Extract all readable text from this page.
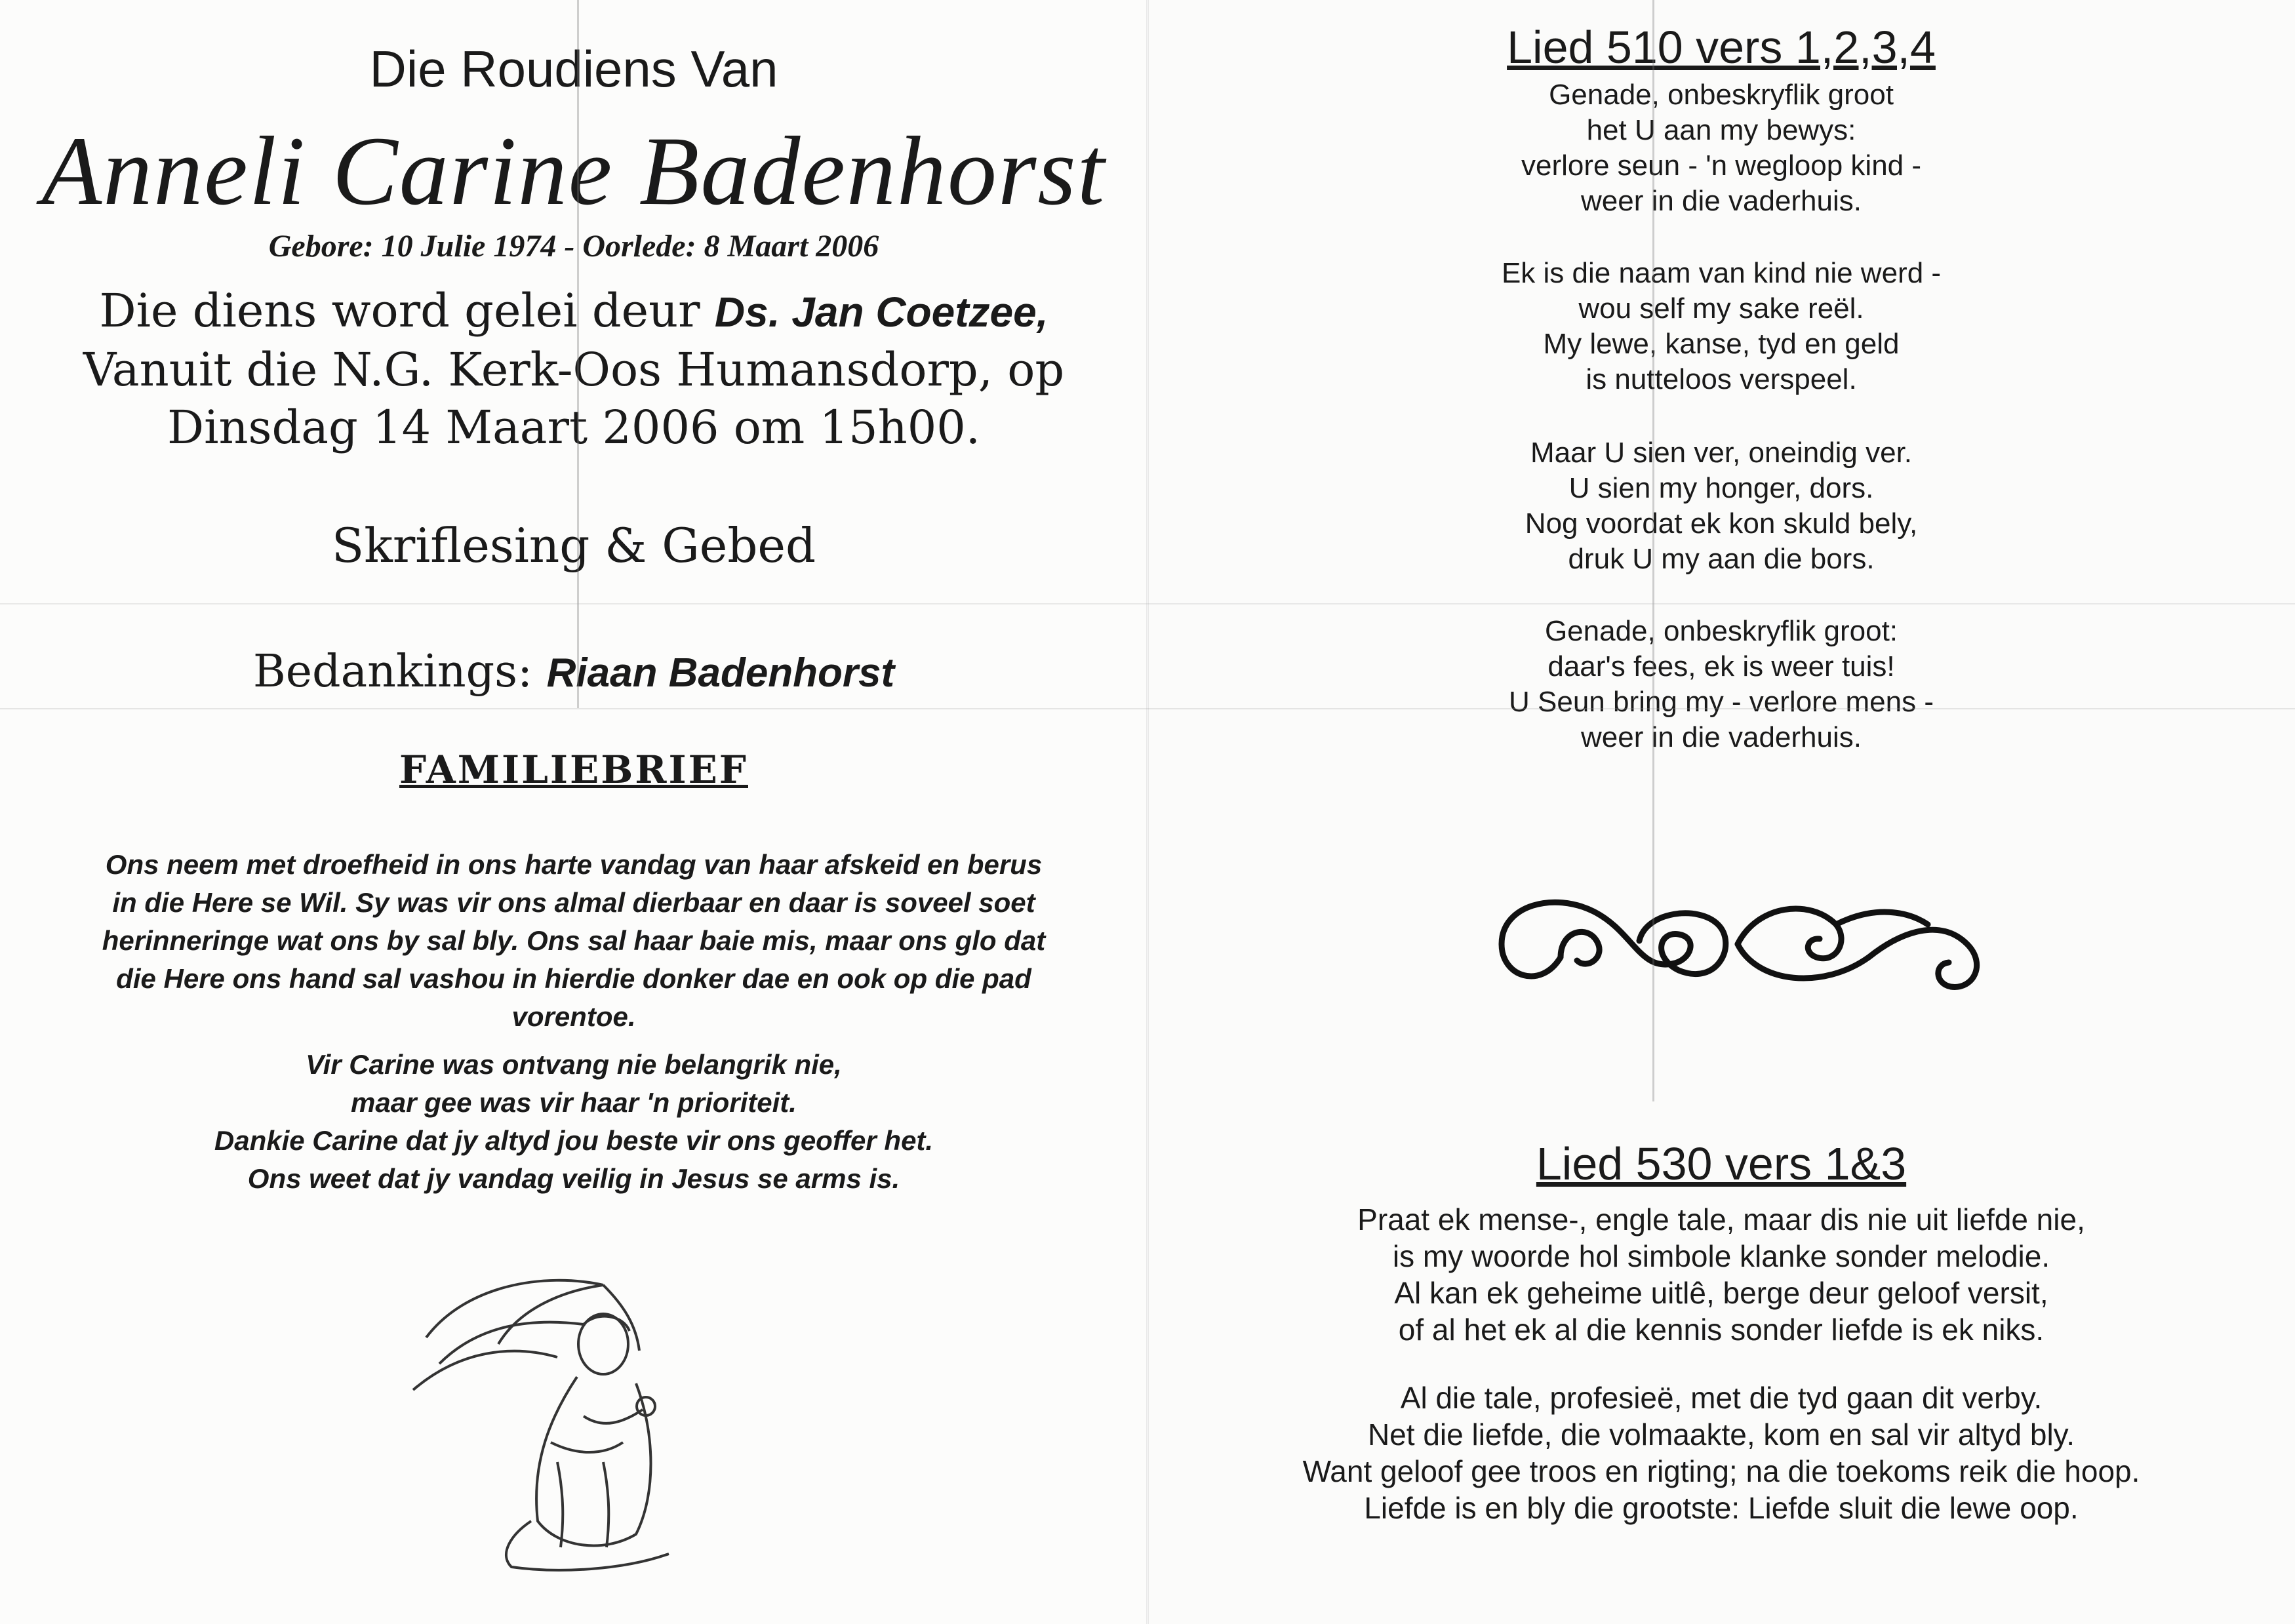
Die Roudiens Van
Anneli Carine Badenhorst
Gebore: 10 Julie 1974 - Oorlede: 8 Maart 2006
Die diens word gelei deur Ds. Jan Coetzee,
Vanuit die N.G. Kerk-Oos Humansdorp, op
Dinsdag 14 Maart 2006 om 15h00.
Skriflesing & Gebed
Bedankings: Riaan Badenhorst
FAMILIEBRIEF
Ons neem met droefheid in ons harte vandag van haar afskeid en berus in die Here se Wil. Sy was vir ons almal dierbaar en daar is soveel soet herinneringe wat ons by sal bly. Ons sal haar baie mis, maar ons glo dat die Here ons hand sal vashou in hierdie donker dae en ook op die pad vorentoe.
Vir Carine was ontvang nie belangrik nie,
maar gee was vir haar 'n prioriteit.
Dankie Carine dat jy altyd jou beste vir ons geoffer het.
Ons weet dat jy vandag veilig in Jesus se arms is.
Lied 510 vers 1,2,3,4
Genade, onbeskryflik groot
het U aan my bewys:
verlore seun - 'n wegloop kind -
weer in die vaderhuis.
Ek is die naam van kind nie werd -
wou self my sake reël.
My lewe, kanse, tyd en geld
is nutteloos verspeel.
Maar U sien ver, oneindig ver.
U sien my honger, dors.
Nog voordat ek kon skuld bely,
druk U my aan die bors.
Genade, onbeskryflik groot:
daar's fees, ek is weer tuis!
U Seun bring my - verlore mens -
weer in die vaderhuis.
Lied 530 vers 1&3
Praat ek mense-, engle tale, maar dis nie uit liefde nie,
is my woorde hol simbole klanke sonder melodie.
Al kan ek geheime uitlê, berge deur geloof versit,
of al het ek al die kennis sonder liefde is ek niks.
Al die tale, profesieë, met die tyd gaan dit verby.
Net die liefde, die volmaakte, kom en sal vir altyd bly.
Want geloof gee troos en rigting; na die toekoms reik die hoop.
Liefde is en bly die grootste: Liefde sluit die lewe oop.
